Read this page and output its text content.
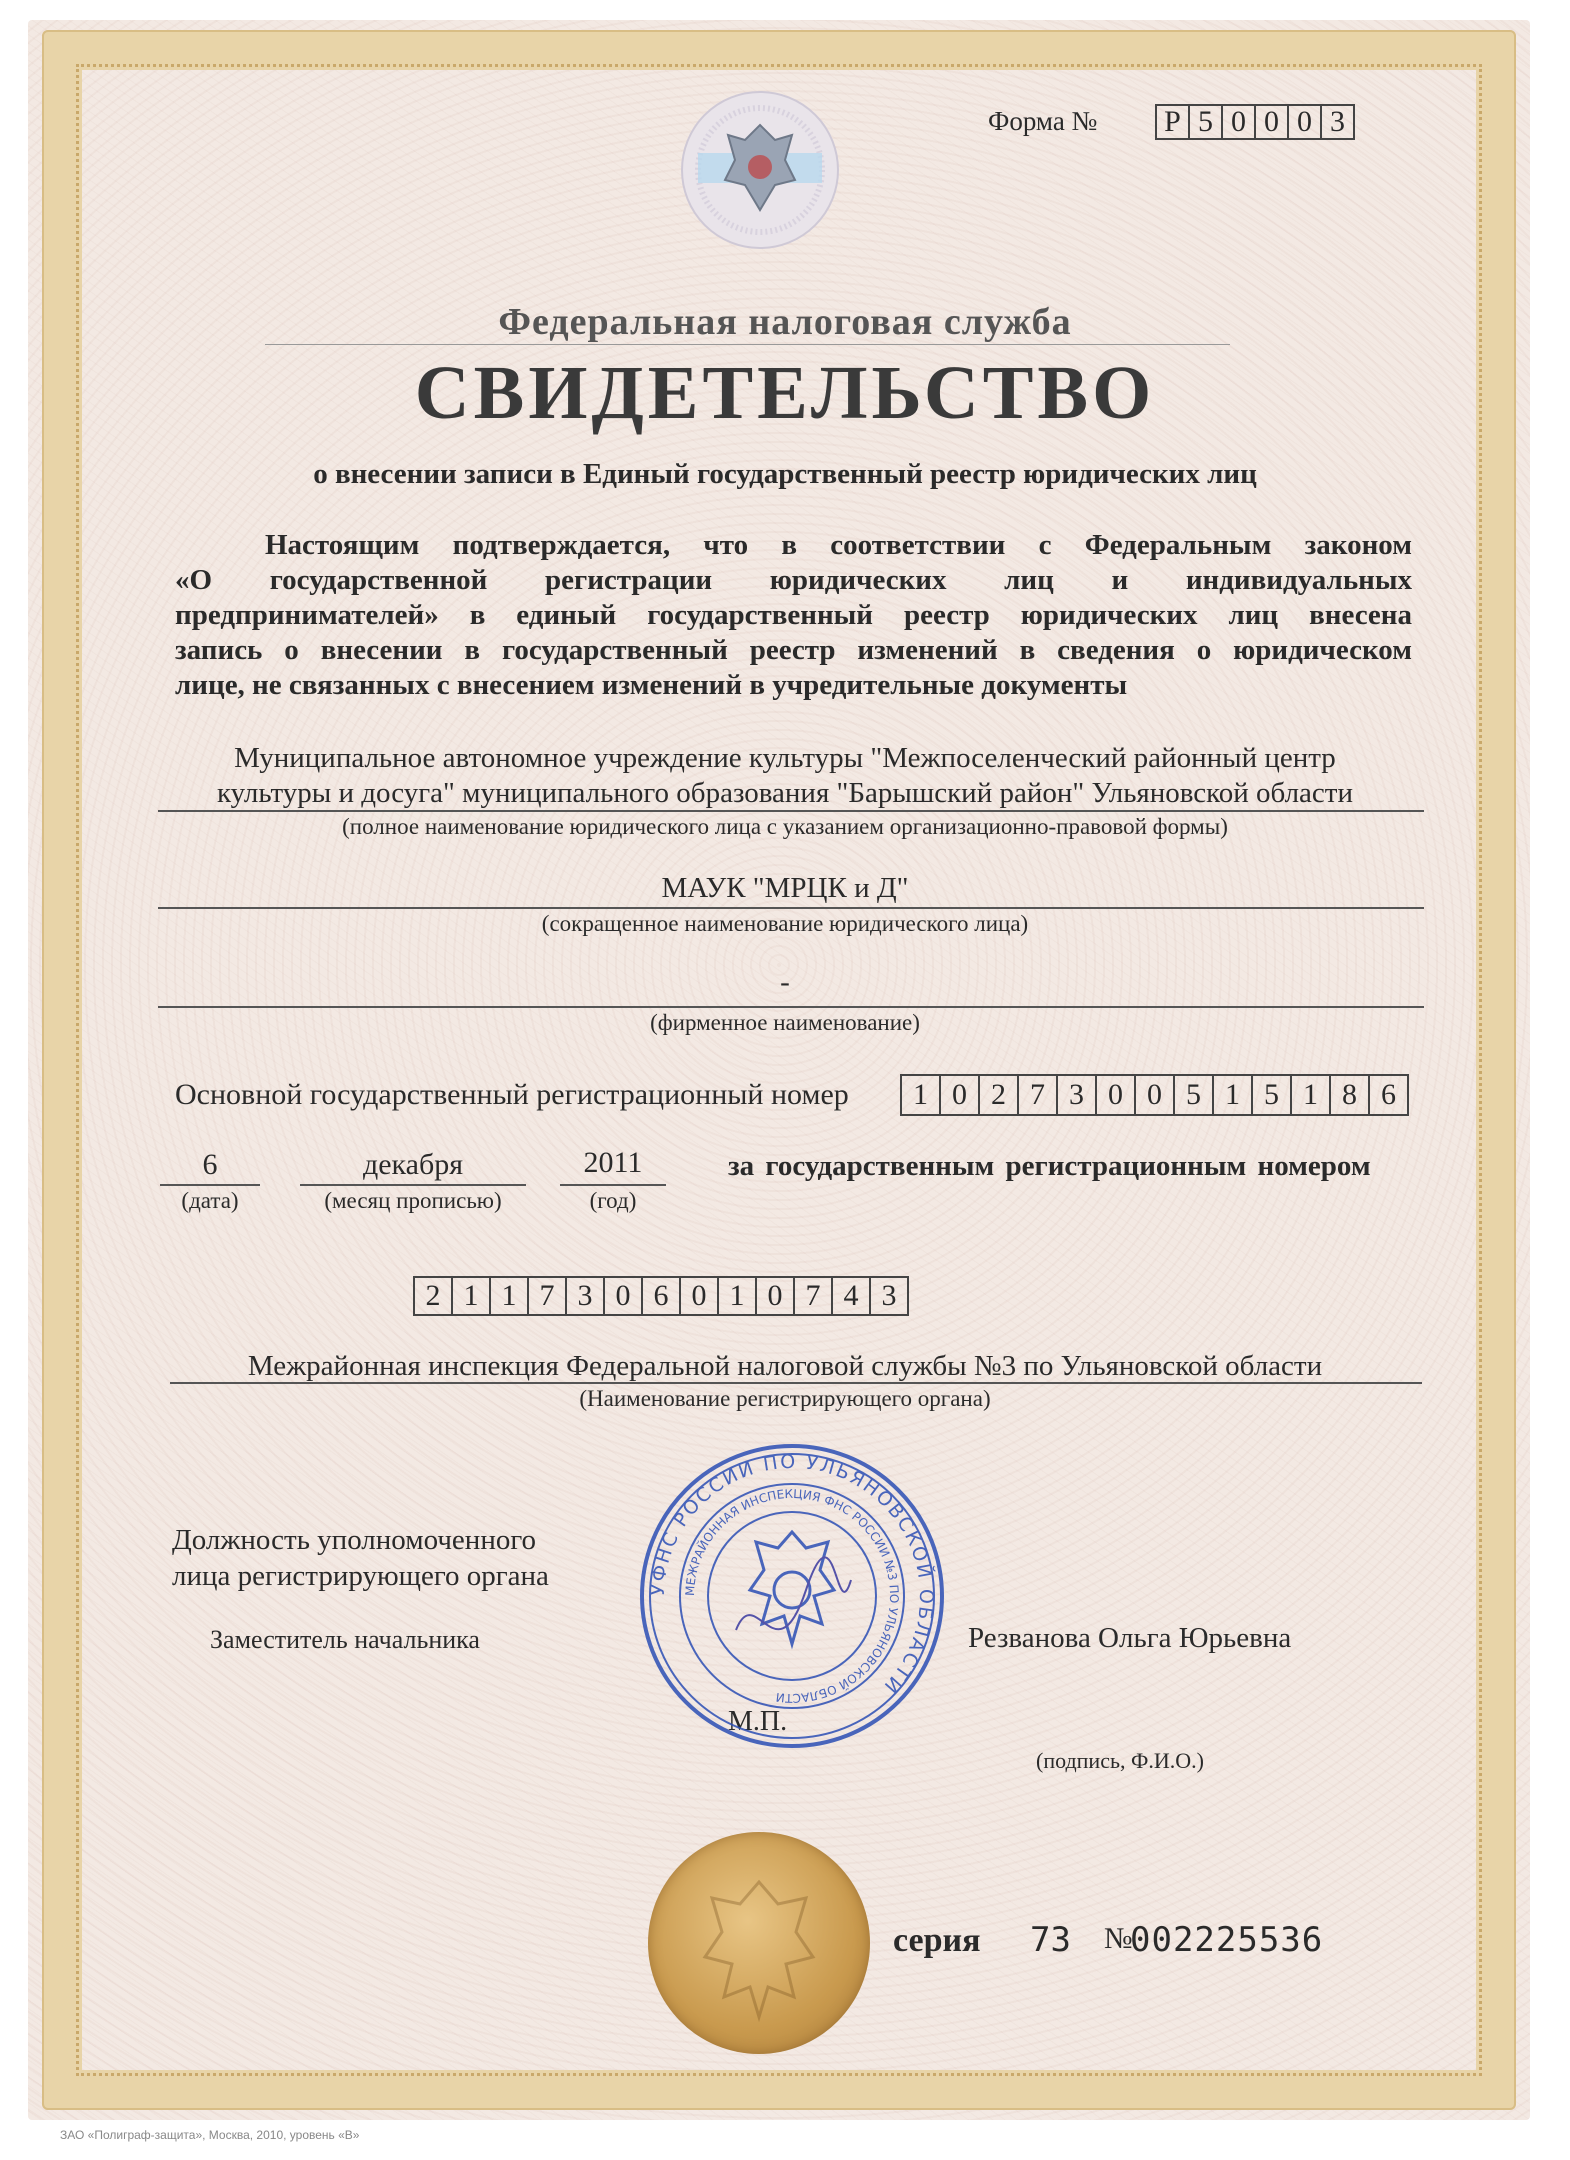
Форма № Р 5 0 0 0 3
Федеральная налоговая служба
СВИДЕТЕЛЬСТВО
о внесении записи в Единый государственный реестр юридических лиц
Настоящим подтверждается, что в соответствии с Федеральным законом
«О государственной регистрации юридических лиц и индивидуальных
предпринимателей» в единый государственный реестр юридических лиц внесена
запись о внесении в государственный реестр изменений в сведения о юридическом
лице, не связанных с внесением изменений в учредительные документы
Муниципальное автономное учреждение культуры "Межпоселенческий районный центр
культуры и досуга" муниципального образования "Барышский район" Ульяновской области
(полное наименование юридического лица с указанием организационно-правовой формы)
МАУК "МРЦК и Д"
(сокращенное наименование юридического лица)
-
(фирменное наименование)
Основной государственный регистрационный номер	1 0 2 7 3 0 0 5 1 5 1 8 6
6
(дата)
декабря
(месяц прописью)
2011
(год)
за государственным регистрационным номером
2 1 1 7 3 0 6 0 1 0 7 4 3
Межрайонная инспекция Федеральной налоговой службы №3 по Ульяновской области
(Наименование регистрирующего органа)
Должность уполномоченного
лица регистрирующего органа
Заместитель начальника	Резванова Ольга Юрьевна
М.П.
(подпись, Ф.И.О.)
УФНС РОССИИ ПО УЛЬЯНОВСКОЙ ОБЛАСТИ
МЕЖРАЙОННАЯ ИНСПЕКЦИЯ ФНС РОССИИ №3 ПО УЛЬЯНОВСКОЙ ОБЛАСТИ
серия 73 №
002225536
ЗАО «Полиграф-защита», Москва, 2010, уровень «В»
